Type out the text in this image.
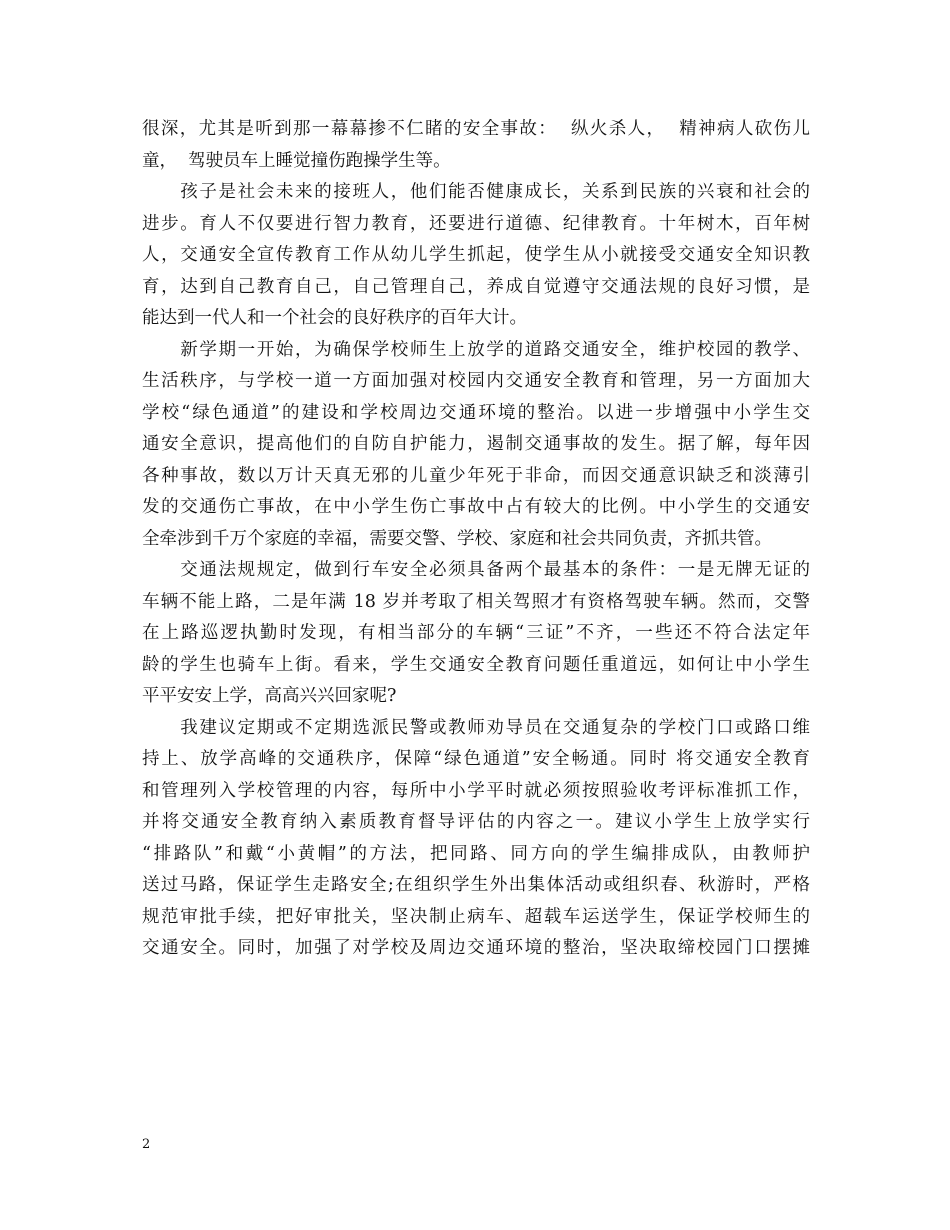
很深，尤其是听到那一幕幕掺不仁睹的安全事故：  纵火杀人，  精神病人砍伤儿
童，  驾驶员车上睡觉撞伤跑操学生等。
　　孩子是社会未来的接班人，他们能否健康成长，关系到民族的兴衰和社会的
进步。育人不仅要进行智力教育，还要进行道德、纪律教育。十年树木，百年树
人，交通安全宣传教育工作从幼儿学生抓起，使学生从小就接受交通安全知识教
育，达到自己教育自己，自己管理自己，养成自觉遵守交通法规的良好习惯，是
能达到一代人和一个社会的良好秩序的百年大计。
　　新学期一开始，为确保学校师生上放学的道路交通安全，维护校园的教学、
生活秩序，与学校一道一方面加强对校园内交通安全教育和管理，另一方面加大
学校“绿色通道”的建设和学校周边交通环境的整治。以进一步增强中小学生交
通安全意识，提高他们的自防自护能力，遏制交通事故的发生。据了解，每年因
各种事故，数以万计天真无邪的儿童少年死于非命，而因交通意识缺乏和淡薄引
发的交通伤亡事故，在中小学生伤亡事故中占有较大的比例。中小学生的交通安
全牵涉到千万个家庭的幸福，需要交警、学校、家庭和社会共同负责，齐抓共管。
　　交通法规规定，做到行车安全必须具备两个最基本的条件：一是无牌无证的
车辆不能上路，二是年满 18 岁并考取了相关驾照才有资格驾驶车辆。然而，交警
在上路巡逻执勤时发现，有相当部分的车辆“三证”不齐，一些还不符合法定年
龄的学生也骑车上街。看来，学生交通安全教育问题任重道远，如何让中小学生
平平安安上学，高高兴兴回家呢?
　　我建议定期或不定期选派民警或教师劝导员在交通复杂的学校门口或路口维
持上、放学高峰的交通秩序，保障“绿色通道”安全畅通。同时 将交通安全教育
和管理列入学校管理的内容，每所中小学平时就必须按照验收考评标准抓工作，
并将交通安全教育纳入素质教育督导评估的内容之一。建议小学生上放学实行
“排路队”和戴“小黄帽”的方法，把同路、同方向的学生编排成队，由教师护
送过马路，保证学生走路安全;在组织学生外出集体活动或组织春、秋游时，严格
规范审批手续，把好审批关，坚决制止病车、超载车运送学生，保证学校师生的
交通安全。同时，加强了对学校及周边交通环境的整治，坚决取缔校园门口摆摊
2
